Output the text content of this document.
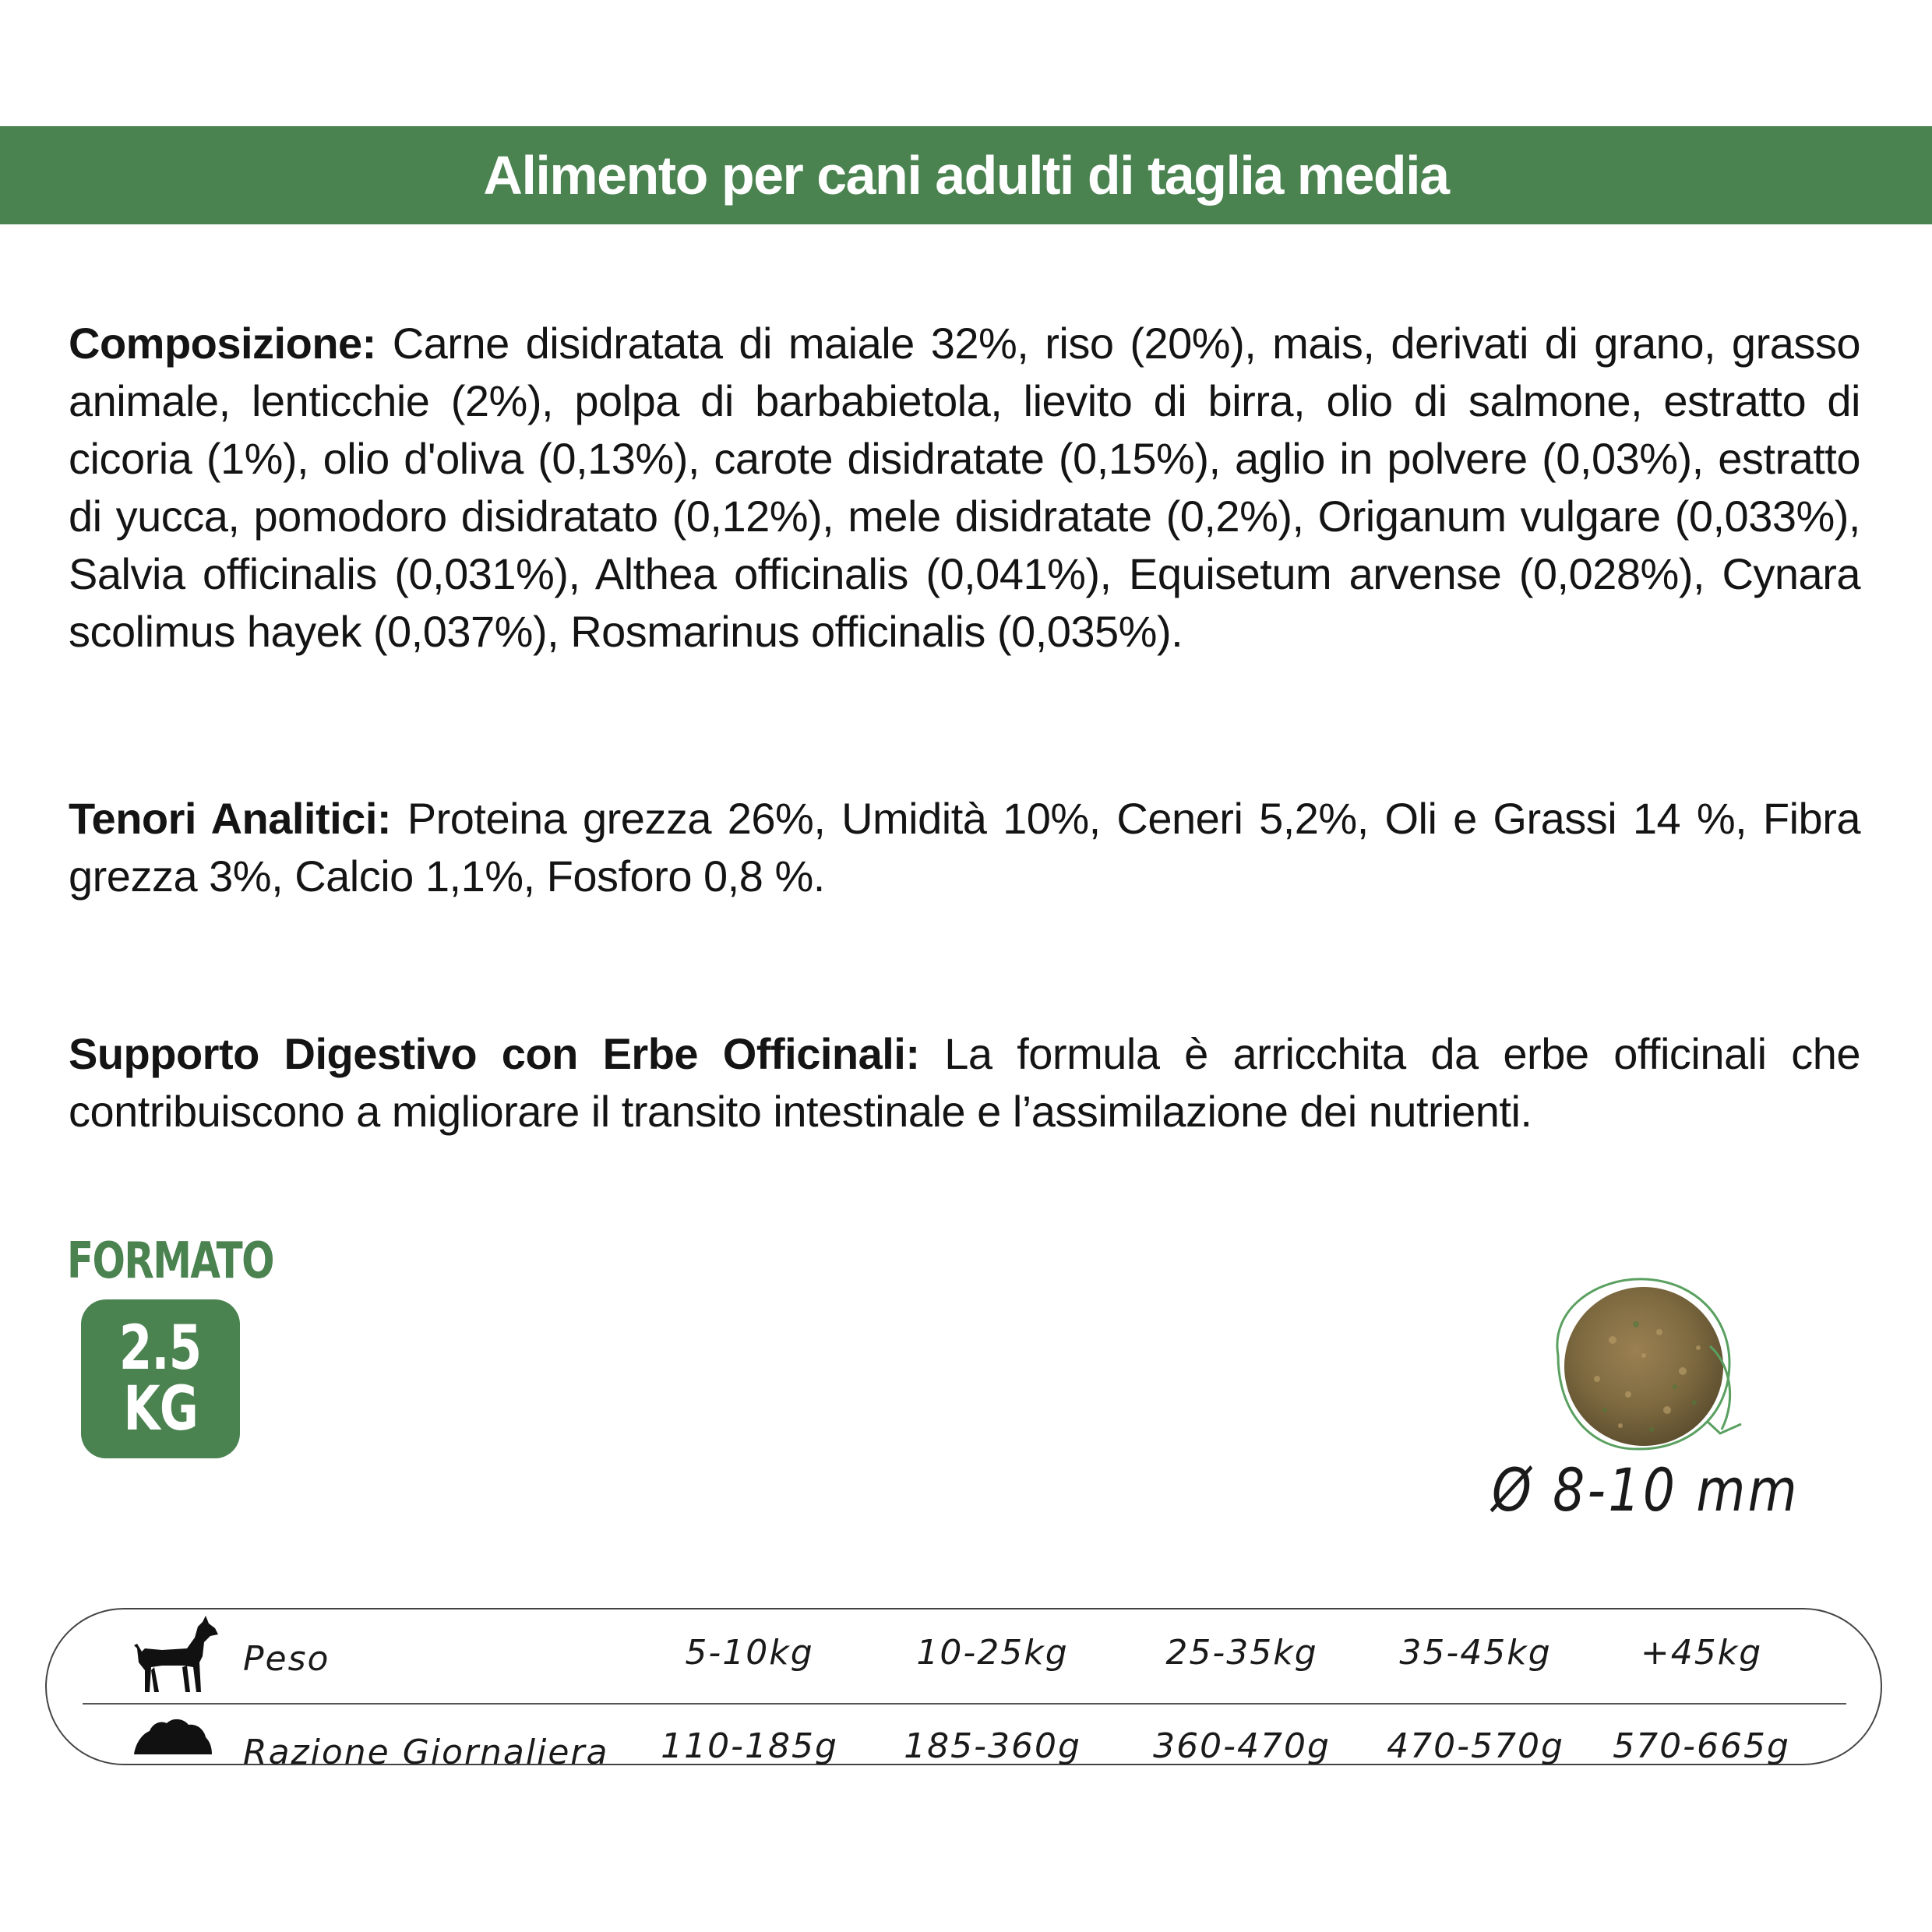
Alimento per cani adulti di taglia media

Composizione: Carne disidratata di maiale 32%, riso (20%), mais, derivati di grano, grasso animale, lenticchie (2%), polpa di barbabietola, lievito di birra, olio di salmone, estratto di cicoria (1%), olio d'oliva (0,13%), carote disidratate (0,15%), aglio in polvere (0,03%), estratto di yucca, pomodoro disidratato (0,12%), mele disidratate (0,2%), Origanum vulgare (0,033%), Salvia officinalis (0,031%), Althea officinalis (0,041%), Equisetum arvense (0,028%), Cynara scolimus hayek (0,037%), Rosmarinus officinalis (0,035%).

Tenori Analitici: Proteina grezza 26%, Umidità 10%, Ceneri 5,2%, Oli e Grassi 14 %, Fibra grezza 3%, Calcio 1,1%, Fosforo 0,8 %.

Supporto Digestivo con Erbe Officinali: La formula è arricchita da erbe officinali che contribuiscono a migliorare il transito intestinale e l’assimilazione dei nutrienti.

FORMATO
2.5
KG
Ø 8-10 mm
Peso	5-10kg	10-25kg	25-35kg 35-45kg	+45kg
Razione Giornaliera 110-185g 185-360g 360-470g 470-570g 570-665g
